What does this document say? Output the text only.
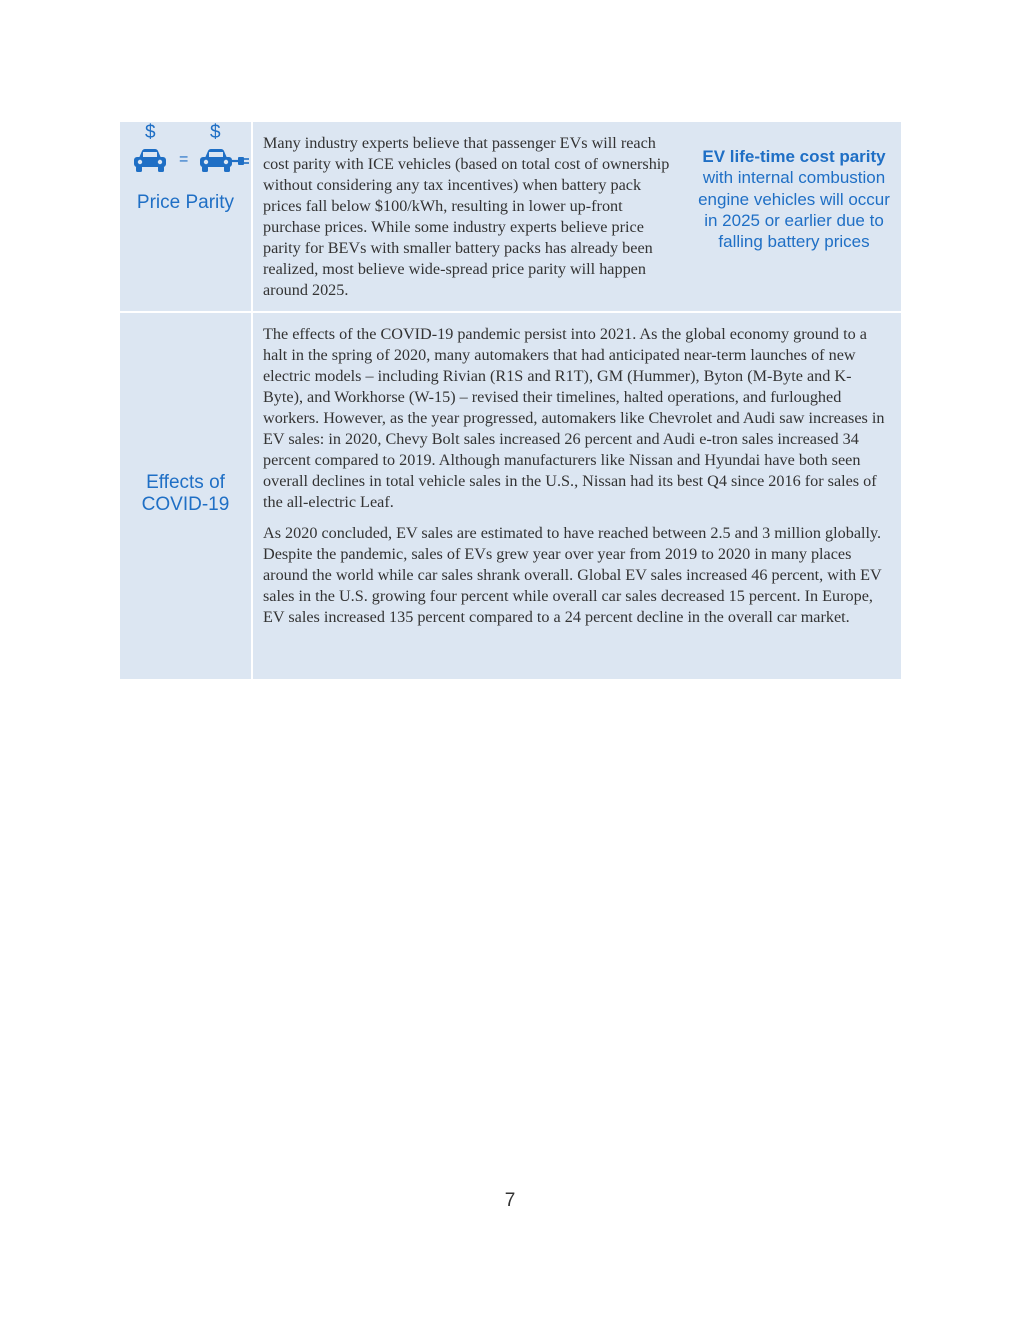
$	$
=
Price Parity

Many industry experts believe that passenger EVs will reach cost parity with ICE vehicles (based on total cost of ownership without considering any tax incentives) when battery pack prices fall below $100/kWh, resulting in lower up-front purchase prices. While some industry experts believe price parity for BEVs with smaller battery packs has already been realized, most believe wide-spread price parity will happen around 2025.

EV life-time cost parity with internal combustion engine vehicles will occur in 2025 or earlier due to falling battery prices
Effects of
COVID-19

The effects of the COVID-19 pandemic persist into 2021. As the global economy ground to a halt in the spring of 2020, many automakers that had anticipated near-term launches of new electric models – including Rivian (R1S and R1T), GM (Hummer), Byton (M-Byte and K-Byte), and Workhorse (W-15) – revised their timelines, halted operations, and furloughed workers. However, as the year progressed, automakers like Chevrolet and Audi saw increases in EV sales: in 2020, Chevy Bolt sales increased 26 percent and Audi e-tron sales increased 34 percent compared to 2019. Although manufacturers like Nissan and Hyundai have both seen overall declines in total vehicle sales in the U.S., Nissan had its best Q4 since 2016 for sales of the all-electric Leaf.

As 2020 concluded, EV sales are estimated to have reached between 2.5 and 3 million globally. Despite the pandemic, sales of EVs grew year over year from 2019 to 2020 in many places around the world while car sales shrank overall. Global EV sales increased 46 percent, with EV sales in the U.S. growing four percent while overall car sales decreased 15 percent. In Europe, EV sales increased 135 percent compared to a 24 percent decline in the overall car market.

7
